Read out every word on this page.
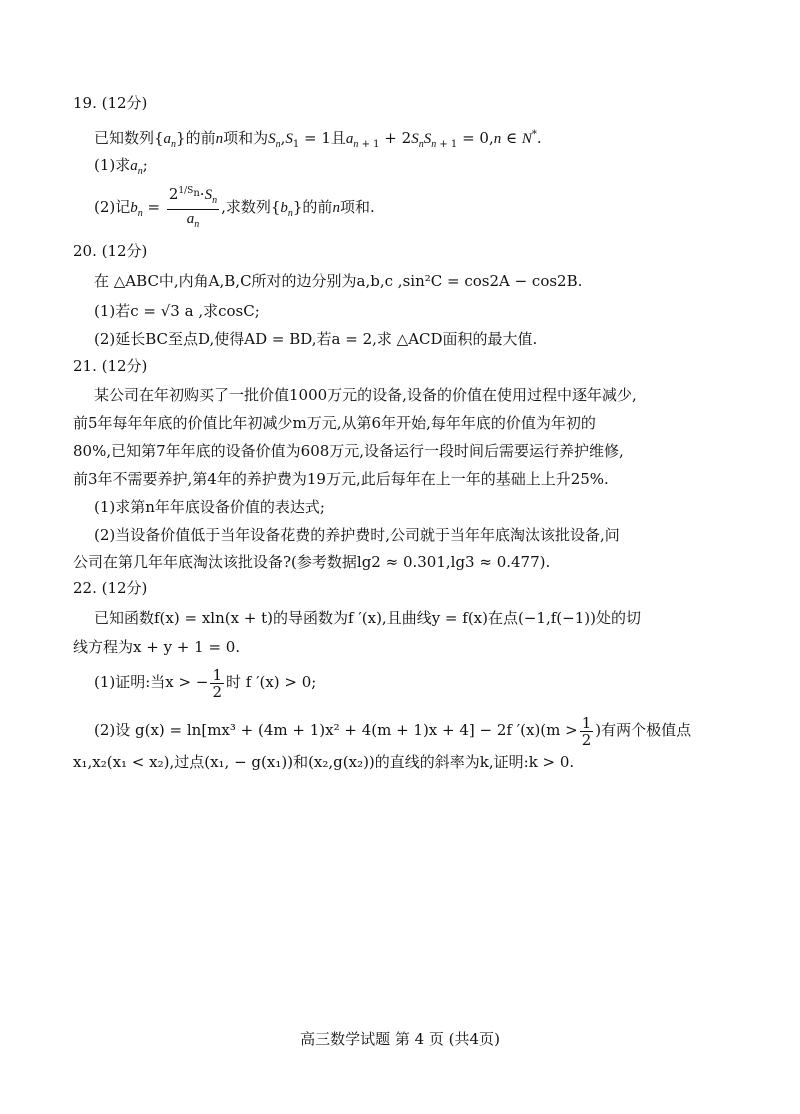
19. (12分)
已知数列$\{a_n\}$的前n项和为$S_n,S_1 = 1$且$a_n$ $_{+ 1} + 2S_nS_n$ $_{+ 1}$ = 0,n ∈ N*.
(1)求$a_n$;
(2)记$b_n = \frac{2^{1/S_n}\cdot S_n}{a_n}$ ,求数列$\{b_n\}$的前n项和.
20. (12分)
在 △ABC中,内角A,B,C所对的边分别为a,b,c ,sin²C = cos2A − cos2B.
(1)若c = √3 a ,求cosC;
(2)延长BC至点D,使得AD = BD,若a = 2,求 △ACD面积的最大值.
21. (12分)
某公司在年初购买了一批价值1000万元的设备,设备的价值在使用过程中逐年减少,
前5年每年年底的价值比年初减少m万元,从第6年开始,每年年底的价值为年初的
80%,已知第7年年底的设备价值为608万元,设备运行一段时间后需要运行养护维修,
前3年不需要养护,第4年的养护费为19万元,此后每年在上一年的基础上上升25%.
(1)求第n年年底设备价值的表达式;
(2)当设备价值低于当年设备花费的养护费时,公司就于当年年底淘汰该批设备,问
公司在第几年年底淘汰该批设备?(参考数据lg2 ≈ 0.301,lg3 ≈ 0.477).
22. (12分)
已知函数f(x) = xln(x + t)的导函数为f ′(x),且曲线y = f(x)在点(−1,f(−1))处的切
线方程为x + y + 1 = 0.
(1)证明:当x > − $\frac{1}{2}$ 时 f ′(x) > 0;
(2)设 g(x) = ln[mx³ + (4m + 1)x² + 4(m + 1)x + 4] − 2f $'(x)(m > \frac{1}{2}$ )有两个极值点
x₁,x₂(x₁ < x₂),过点(x₁, − g(x₁))和(x₂,g(x₂))的直线的斜率为k,证明:k > 0.
高三数学试题 第 4 页 (共4页)
